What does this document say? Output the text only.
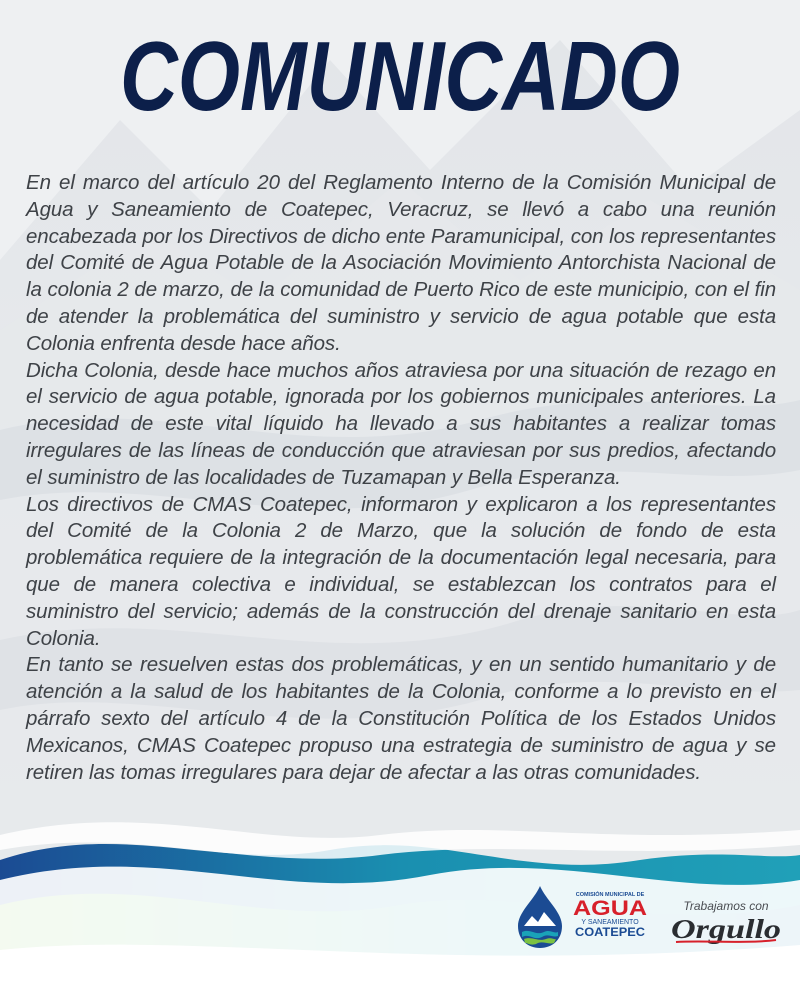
COMUNICADO

En el marco del artículo 20 del Reglamento Interno de la Comisión Municipal de Agua y Saneamiento de Coatepec, Veracruz, se llevó a cabo una reunión encabezada por los Directivos de dicho ente Paramunicipal, con los representantes del Comité de Agua Potable de la Asociación Movimiento Antorchista Nacional de la colonia 2 de marzo, de la comunidad de Puerto Rico de este municipio, con el fin de atender la problemática del suministro y servicio de agua potable que esta Colonia enfrenta desde hace años.

Dicha Colonia, desde hace muchos años atraviesa por una situación de rezago en el servicio de agua potable, ignorada por los gobiernos municipales anteriores. La necesidad de este vital líquido ha llevado a sus habitantes a realizar tomas irregulares de las líneas de conducción que atraviesan por sus predios, afectando el suministro de las localidades de Tuzamapan y Bella Esperanza.

Los directivos de CMAS Coatepec, informaron y explicaron a los representantes del Comité de la Colonia 2 de Marzo, que la solución de fondo de esta problemática requiere de la integración de la documentación legal necesaria, para que de manera colectiva e individual, se establezcan los contratos para el suministro del servicio; además de la construcción del drenaje sanitario en esta Colonia.

En tanto se resuelven estas dos problemáticas, y en un sentido humanitario y de atención a la salud de los habitantes de la Colonia, conforme a lo previsto en el párrafo sexto del artículo 4 de la Constitución Política de los Estados Unidos Mexicanos, CMAS Coatepec propuso una estrategia de suministro de agua y se retiren las tomas irregulares para dejar de afectar a las otras comunidades.

COMISIÓN MUNICIPAL DE
AGUA
Y SANEAMIENTO
COATEPEC
Trabajamos con
Orgullo
